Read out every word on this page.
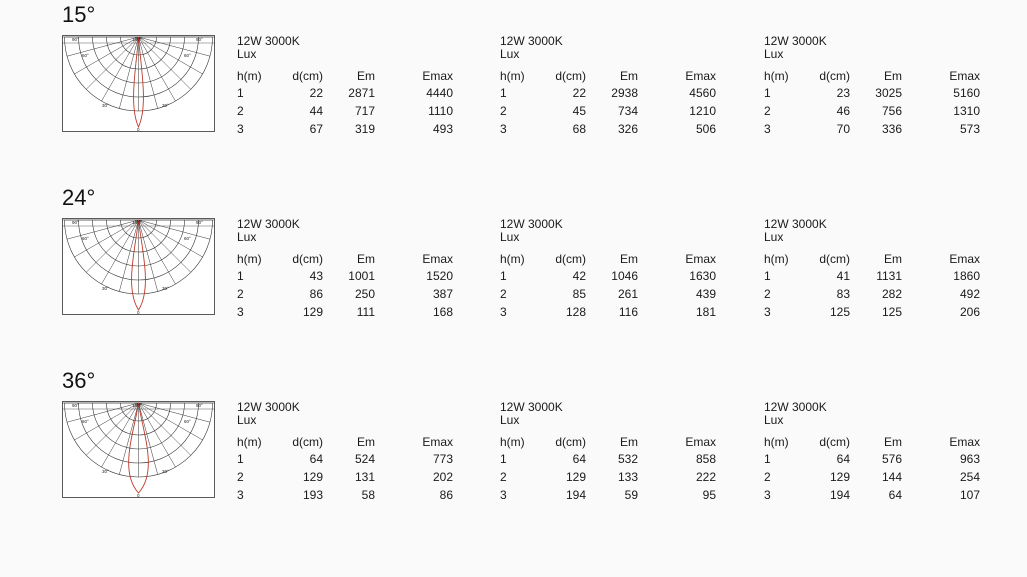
15°
180°
90°	90°
60°	60°
30°	30°
0
12W 3000K
Lux
h(m)	d(cm)	Em	Emax
1	22	2871	4440
2	44	717	1110
3	67	319	493
12W 3000K
Lux
h(m)	d(cm)	Em	Emax
1	22	2938	4560
2	45	734	1210
3	68	326	506
12W 3000K
Lux
h(m)	d(cm)	Em	Emax
1	23	3025	5160
2	46	756	1310
3	70	336	573
24°
180°
90°	90°
60°	60°
30°	30°
0
12W 3000K
Lux
h(m)	d(cm)	Em	Emax
1	43	1001	1520
2	86	250	387
3	129	111	168
12W 3000K
Lux
h(m)	d(cm)	Em	Emax
1	42	1046	1630
2	85	261	439
3	128	116	181
12W 3000K
Lux
h(m)	d(cm)	Em	Emax
1	41	1131	1860
2	83	282	492
3	125	125	206
36°
180°
90°	90°
60°	60°
30°	30°
0
12W 3000K
Lux
h(m)	d(cm)	Em	Emax
1	64	524	773
2	129	131	202
3	193	58	86
12W 3000K
Lux
h(m)	d(cm)	Em	Emax
1	64	532	858
2	129	133	222
3	194	59	95
12W 3000K
Lux
h(m)	d(cm)	Em	Emax
1	64	576	963
2	129	144	254
3	194	64	107
